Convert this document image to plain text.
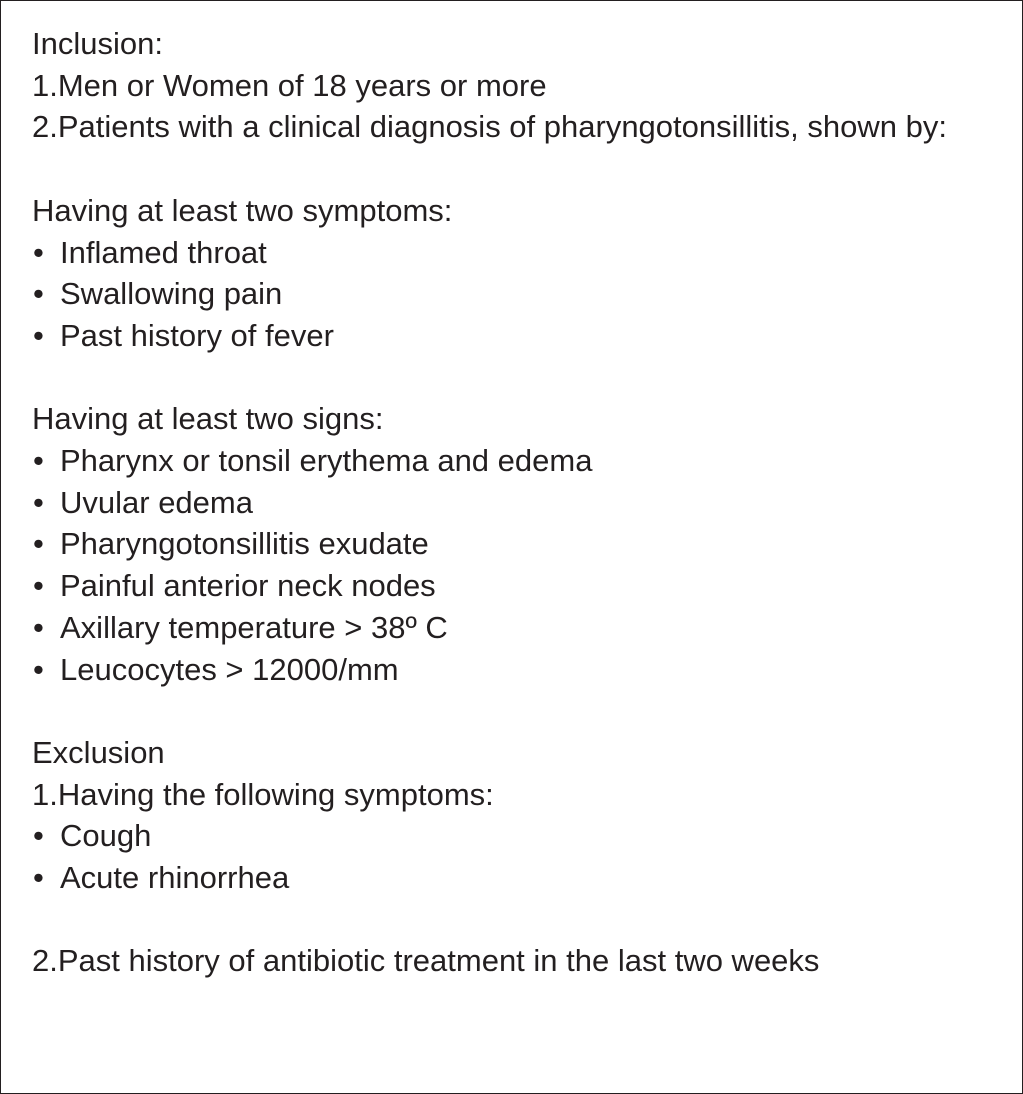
Inclusion:
1.Men or Women of 18 years or more
2.Patients with a clinical diagnosis of pharyngotonsillitis, shown by:
Having at least two symptoms:
• Inflamed throat
• Swallowing pain
• Past history of fever
Having at least two signs:
• Pharynx or tonsil erythema and edema
• Uvular edema
• Pharyngotonsillitis exudate
• Painful anterior neck nodes
• Axillary temperature > 38º C
• Leucocytes > 12000/mm
Exclusion
1.Having the following symptoms:
• Cough
• Acute rhinorrhea
2.Past history of antibiotic treatment in the last two weeks
